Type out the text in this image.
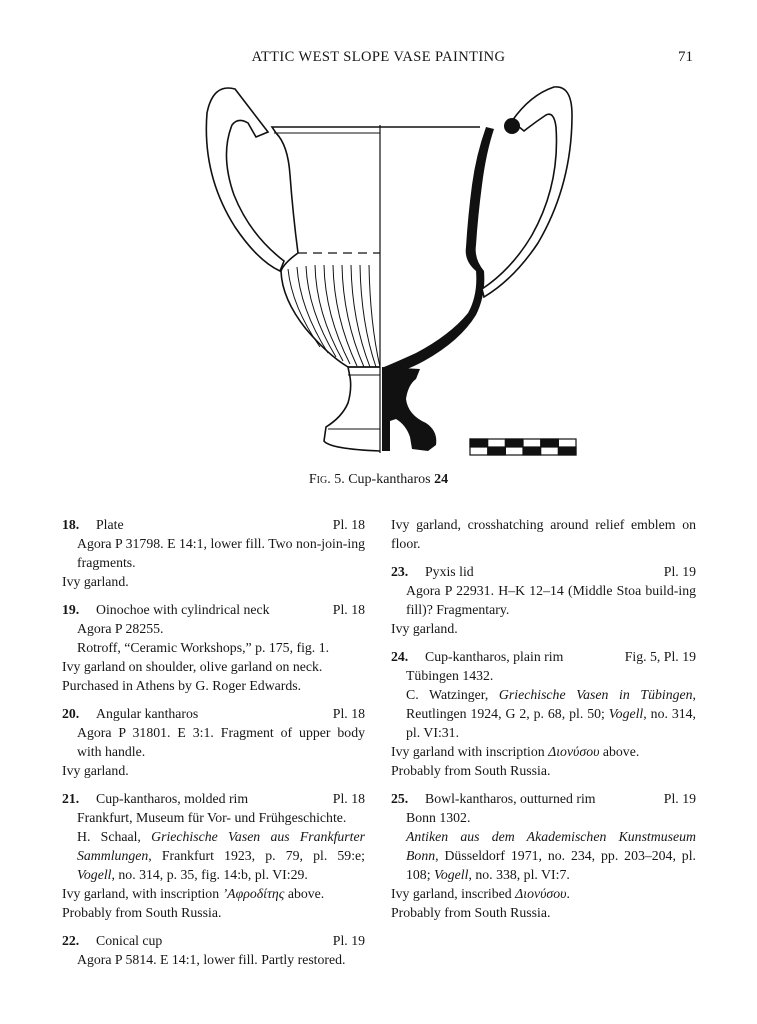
ATTIC WEST SLOPE VASE PAINTING	71
Fig. 5. Cup-kantharos 24
18. Plate	Pl. 18
Agora P 31798. E 14:1, lower fill. Two non-join-ing fragments.
Ivy garland.
19. Oinochoe with cylindrical neck	Pl. 18
Agora P 28255.
Rotroff, “Ceramic Workshops,” p. 175, fig. 1.
Ivy garland on shoulder, olive garland on neck.
Purchased in Athens by G. Roger Edwards.
20. Angular kantharos	Pl. 18
Agora P 31801. E 3:1. Fragment of upper body with handle.
Ivy garland.
21. Cup-kantharos, molded rim	Pl. 18
Frankfurt, Museum für Vor- und Frühgeschichte.
H. Schaal, Griechische Vasen aus Frankfurter Sammlungen, Frankfurt 1923, p. 79, pl. 59:e; Vogell, no. 314, p. 35, fig. 14:b, pl. VI:29.
Ivy garland, with inscription ’Αφροδίτης above.
Probably from South Russia.
22. Conical cup	Pl. 19
Agora P 5814. E 14:1, lower fill. Partly restored.
Ivy garland, crosshatching around relief emblem on floor.
23. Pyxis lid	Pl. 19
Agora P 22931. H–K 12–14 (Middle Stoa build-ing fill)? Fragmentary.
Ivy garland.
24. Cup-kantharos, plain rim	Fig. 5, Pl. 19
Tübingen 1432.
C. Watzinger, Griechische Vasen in Tübingen, Reutlingen 1924, G 2, p. 68, pl. 50; Vogell, no. 314, pl. VI:31.
Ivy garland with inscription Διονύσου above.
Probably from South Russia.
25. Bowl-kantharos, outturned rim	Pl. 19
Bonn 1302.
Antiken aus dem Akademischen Kunstmuseum Bonn, Düsseldorf 1971, no. 234, pp. 203–204, pl. 108; Vogell, no. 338, pl. VI:7.
Ivy garland, inscribed Διονύσου.
Probably from South Russia.
